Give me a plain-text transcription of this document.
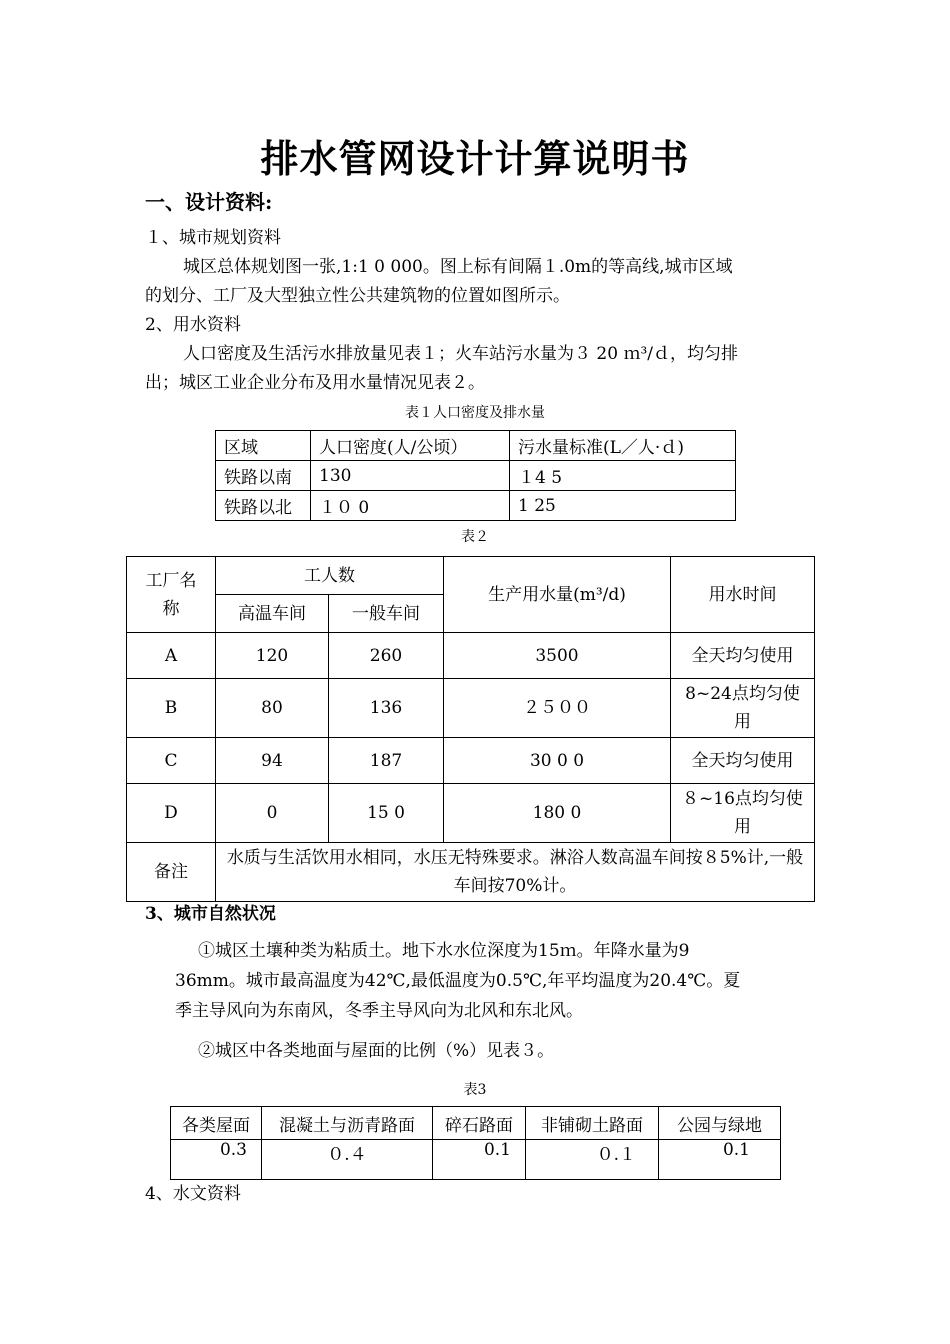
排水管网设计计算说明书
一、设计资料:
１、城市规划资料
城区总体规划图一张,1:1 0 000。图上标有间隔１.0m的等高线,城市区域
的划分、工厂及大型独立性公共建筑物的位置如图所示。
2、用水资料
人口密度及生活污水排放量见表１；火车站污水量为３ 20 ｍ³/ｄ，均匀排
出；城区工业企业分布及用水量情况见表２。
表１人口密度及排水量
区域	人口密度(人/公顷）	污水量标准(L／人·ｄ)
铁路以南	130	１4 5
铁路以北	１０ 0	1 25
表２
工厂名称	工人数		生产用水量(m³/d)	用水时间
	高温车间	一般车间		
A	120	260	3500	全天均匀使用
B	80	136	２５００	8~24点均匀使用

C	94	187	30 0 0	全天均匀使用
D	0	15 0	180 0	８~16点均匀使用

备注	水质与生活饮用水相同，水压无特殊要求。淋浴人数高温车间按８5%计,一般车间按70%计。			
3、城市自然状况
①城区土壤种类为粘质土。地下水水位深度为15ｍ。年降水量为9
36mm。城市最高温度为42℃,最低温度为0.5℃,年平均温度为20.4℃。夏
季主导风向为东南风，冬季主导风向为北风和东北风。
②城区中各类地面与屋面的比例（%）见表３。
表3
各类屋面	混凝土与沥青路面	碎石路面	非铺砌土路面	公园与绿地
0.3	０.４	0.1	０.１	0.1
4、水文资料
